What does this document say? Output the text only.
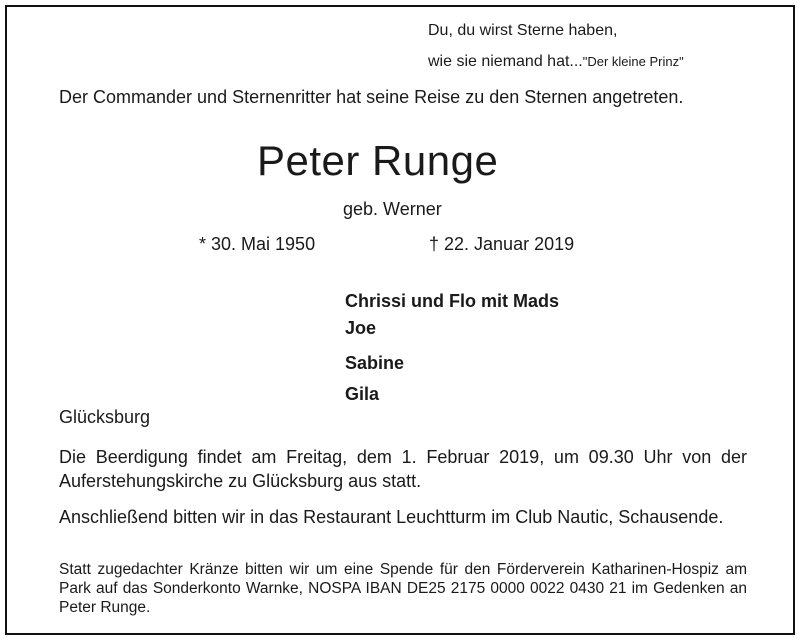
Du, du wirst Sterne haben,
wie sie niemand hat..."Der kleine Prinz"
Der Commander und Sternenritter hat seine Reise zu den Sternen angetreten.
Peter Runge
geb. Werner
* 30. Mai 1950	† 22. Januar 2019
Chrissi und Flo mit Mads
Joe
Sabine
Gila
Glücksburg
Die Beerdigung findet am Freitag, dem 1. Februar 2019, um 09.30 Uhr von der Auferstehungskirche zu Glücksburg aus statt.
Anschließend bitten wir in das Restaurant Leuchtturm im Club Nautic, Schausende.
Statt zugedachter Kränze bitten wir um eine Spende für den Förderverein Katharinen-Hospiz am Park auf das Sonderkonto Warnke, NOSPA IBAN DE25 2175 0000 0022 0430 21 im Gedenken an Peter Runge.
